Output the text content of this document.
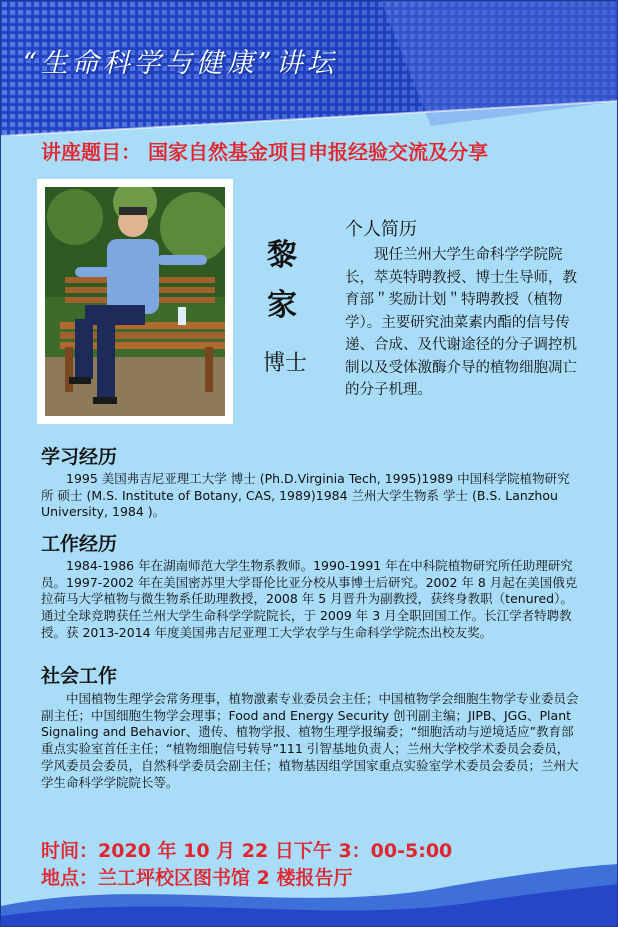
“生命科学与健康”讲坛
讲座题目： 国家自然基金项目申报经验交流及分享
黎
家
博士
个人简历
现任兰州大学生命科学学院院长，萃英特聘教授、博士生导师，教育部＂奖励计划＂特聘教授（植物学）。主要研究油菜素内酯的信号传递、合成、及代谢途径的分子调控机制以及受体激酶介导的植物细胞凋亡的分子机理。
学习经历
1995 美国弗吉尼亚理工大学 博士 (Ph.D.Virginia Tech, 1995)1989 中国科学院植物研究所 硕士 (M.S. Institute of Botany, CAS, 1989)1984 兰州大学生物系 学士 (B.S. Lanzhou University, 1984 )。
工作经历
1984-1986 年在湖南师范大学生物系教师。1990-1991 年在中科院植物研究所任助理研究员。1997-2002 年在美国密苏里大学哥伦比亚分校从事博士后研究。2002 年 8 月起在美国俄克拉荷马大学植物与微生物系任助理教授，2008 年 5 月晋升为副教授，获终身教职（tenured）。通过全球竞聘获任兰州大学生命科学学院院长，于 2009 年 3 月全职回国工作。长江学者特聘教授。获 2013-2014 年度美国弗吉尼亚理工大学农学与生命科学学院杰出校友奖。
社会工作
中国植物生理学会常务理事，植物激素专业委员会主任；中国植物学会细胞生物学专业委员会副主任；中国细胞生物学会理事；Food and Energy Security 创刊副主编；JIPB、JGG、Plant Signaling and Behavior、遗传、植物学报、植物生理学报编委；“细胞活动与逆境适应”教育部重点实验室首任主任；“植物细胞信号转导”111 引智基地负责人；兰州大学校学术委员会委员，学风委员会委员，自然科学委员会副主任；植物基因组学国家重点实验室学术委员会委员；兰州大学生命科学学院院长等。
时间：2020 年 10 月 22 日下午 3：00-5:00
地点：兰工坪校区图书馆 2 楼报告厅
